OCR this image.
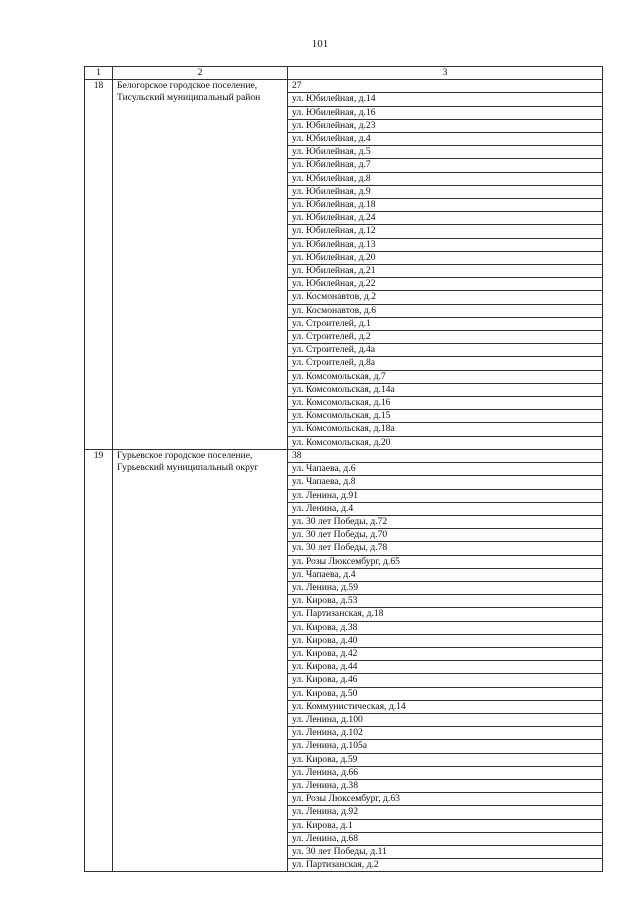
101
1	2	3
18	Белогорское городское поселение,
Тисульский муниципальный район	27
		ул. Юбилейная, д.14
		ул. Юбилейная, д.16
		ул. Юбилейная, д.23
		ул. Юбилейная, д.4
		ул. Юбилейная, д.5
		ул. Юбилейная, д.7
		ул. Юбилейная, д.8
		ул. Юбилейная, д.9
		ул. Юбилейная, д.18
		ул. Юбилейная, д.24
		ул. Юбилейная, д.12
		ул. Юбилейная, д.13
		ул. Юбилейная, д.20
		ул. Юбилейная, д.21
		ул. Юбилейная, д.22
		ул. Космонавтов, д.2
		ул. Космонавтов, д.6
		ул. Строителей, д.1
		ул. Строителей, д.2
		ул. Строителей, д.4а
		ул. Строителей, д.8а
		ул. Комсомольская, д.7
		ул. Комсомольская, д.14а
		ул. Комсомольская, д.16
		ул. Комсомольская, д.15
		ул. Комсомольская, д.18а
		ул. Комсомольская, д.20
19	Гурьевское городское поселение,
Гурьевский муниципальный округ	38
		ул. Чапаева, д.6
		ул. Чапаева, д.8
		ул. Ленина, д.91
		ул. Ленина, д.4
		ул. 30 лет Победы, д.72
		ул. 30 лет Победы, д.70
		ул. 30 лет Победы, д.78
		ул. Розы Люксембург, д.65
		ул. Чапаева, д.4
		ул. Ленина, д.59
		ул. Кирова, д.53
		ул. Партизанская, д.18
		ул. Кирова, д.38
		ул. Кирова, д.40
		ул. Кирова, д.42
		ул. Кирова, д.44
		ул. Кирова, д.46
		ул. Кирова, д.50
		ул. Коммунистическая, д.14
		ул. Ленина, д.100
		ул. Ленина, д.102
		ул. Ленина, д.105а
		ул. Кирова, д.59
		ул. Ленина, д.66
		ул. Ленина, д.38
		ул. Розы Люксембург, д.63
		ул. Ленина, д.92
		ул. Кирова, д.1
		ул. Ленина, д.68
		ул. 30 лет Победы, д.11
		ул. Партизанская, д.2
